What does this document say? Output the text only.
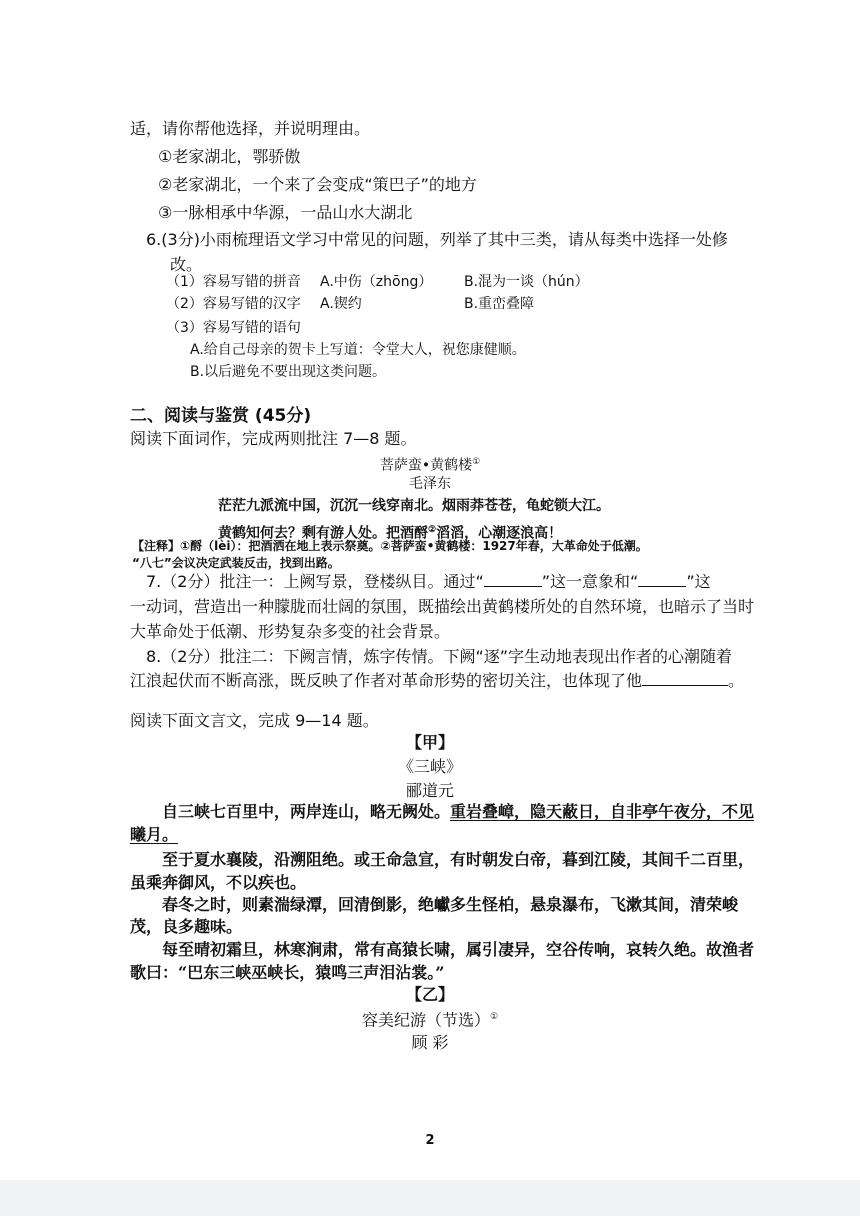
适，请你帮他选择，并说明理由。
①老家湖北，鄂骄傲
②老家湖北，一个来了会变成“策巴子”的地方
③一脉相承中华源，一品山水大湖北
6.(3分)小雨梳理语文学习中常见的问题，列举了其中三类，请从每类中选择一处修
改。
（1）容易写错的拼音 A.中伤（zhōng） B.混为一谈（hún）
（2）容易写错的汉字 A.锲约	B.重峦叠障
（3）容易写错的语句
A.给自己母亲的贺卡上写道：令堂大人，祝您康健顺。
B.以后避免不要出现这类问题。
二、阅读与鉴赏 (45分)
阅读下面词作，完成两则批注 7—8 题。
菩萨蛮•黄鹤楼①
毛泽东
茫茫九派流中国，沉沉一线穿南北。烟雨莽苍苍，龟蛇锁大江。
黄鹤知何去？剩有游人处。把酒酹②滔滔，心潮逐浪高！
【注释】①酹（lèi）：把酒洒在地上表示祭奠。②菩萨蛮•黄鹤楼：1927年春，大革命处于低潮。
“八七”会议决定武装反击，找到出路。
7.（2分）批注一：上阙写景，登楼纵目。通过“	”这一意象和“	”这
一动词，营造出一种朦胧而壮阔的氛围，既描绘出黄鹤楼所处的自然环境，也暗示了当时
大革命处于低潮、形势复杂多变的社会背景。
8.（2分）批注二：下阙言情，炼字传情。下阙“逐”字生动地表现出作者的心潮随着
江浪起伏而不断高涨，既反映了作者对革命形势的密切关注，也体现了他	。
阅读下面文言文，完成 9—14 题。
【甲】
《三峡》
郦道元
自三峡七百里中，两岸连山，略无阙处。重岩叠嶂，隐天蔽日，自非亭午夜分，不见
曦月。
至于夏水襄陵，沿溯阻绝。或王命急宣，有时朝发白帝，暮到江陵，其间千二百里，
虽乘奔御风，不以疾也。
春冬之时，则素湍绿潭，回清倒影，绝巘多生怪柏，悬泉瀑布，飞漱其间，清荣峻
茂，良多趣味。
每至晴初霜旦，林寒涧肃，常有高猿长啸，属引凄异，空谷传响，哀转久绝。故渔者
歌曰：“巴东三峡巫峡长，猿鸣三声泪沾裳。”
【乙】
容美纪游（节选）①
顾 彩
2
